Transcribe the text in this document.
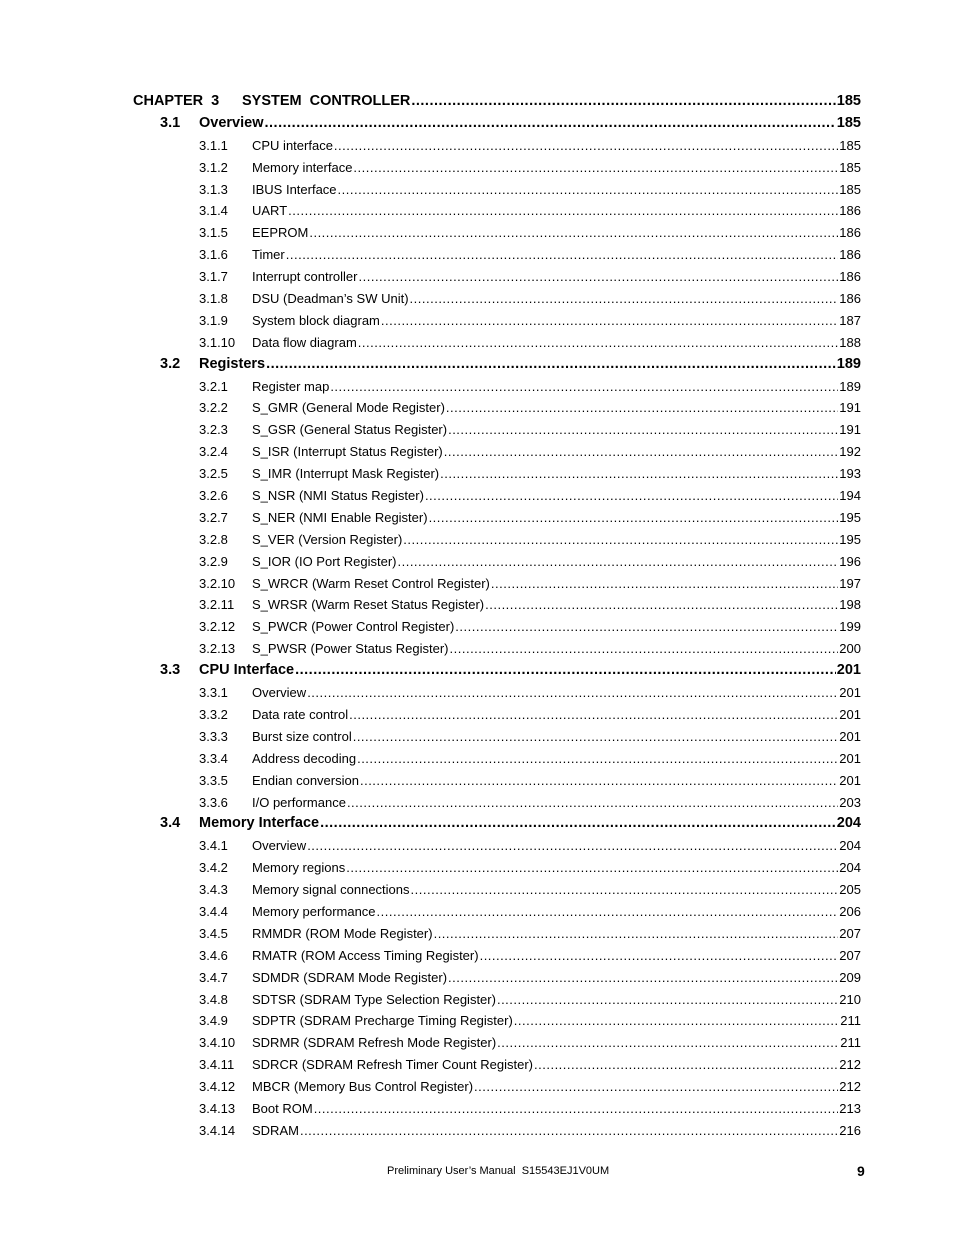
CHAPTER 3 SYSTEM CONTROLLER .....	185
3.1 Overview .....	185
3.1.1 CPU interface .....	185
3.1.2 Memory interface .....	185
3.1.3 IBUS Interface .....	185
3.1.4 UART .....	186
3.1.5 EEPROM .....	186
3.1.6 Timer .....	186
3.1.7 Interrupt controller .....	186
3.1.8 DSU (Deadman’s SW Unit) .....	186
3.1.9 System block diagram .....	187
3.1.10 Data flow diagram .....	188
3.2 Registers .....	189
3.2.1 Register map .....	189
3.2.2 S_GMR (General Mode Register) .....	191
3.2.3 S_GSR (General Status Register) .....	191
3.2.4 S_ISR (Interrupt Status Register) .....	192
3.2.5 S_IMR (Interrupt Mask Register) .....	193
3.2.6 S_NSR (NMI Status Register) .....	194
3.2.7 S_NER (NMI Enable Register) .....	195
3.2.8 S_VER (Version Register) .....	195
3.2.9 S_IOR (IO Port Register) .....	196
3.2.10 S_WRCR (Warm Reset Control Register) .....	197
3.2.11 S_WRSR (Warm Reset Status Register) .....	198
3.2.12 S_PWCR (Power Control Register) .....	199
3.2.13 S_PWSR (Power Status Register) .....	200
3.3 CPU Interface .....	201
3.3.1 Overview .....	201
3.3.2 Data rate control .....	201
3.3.3 Burst size control .....	201
3.3.4 Address decoding .....	201
3.3.5 Endian conversion .....	201
3.3.6 I/O performance .....	203
3.4 Memory Interface .....	204
3.4.1 Overview .....	204
3.4.2 Memory regions .....	204
3.4.3 Memory signal connections .....	205
3.4.4 Memory performance .....	206
3.4.5 RMMDR (ROM Mode Register) .....	207
3.4.6 RMATR (ROM Access Timing Register) .....	207
3.4.7 SDMDR (SDRAM Mode Register) .....	209
3.4.8 SDTSR (SDRAM Type Selection Register) .....	210
3.4.9 SDPTR (SDRAM Precharge Timing Register) .....	211
3.4.10 SDRMR (SDRAM Refresh Mode Register) .....	211
3.4.11 SDRCR (SDRAM Refresh Timer Count Register) .....	212
3.4.12 MBCR (Memory Bus Control Register) .....	212
3.4.13 Boot ROM .....	213
3.4.14 SDRAM .....	216
Preliminary User’s Manual  S15543EJ1V0UM	9
